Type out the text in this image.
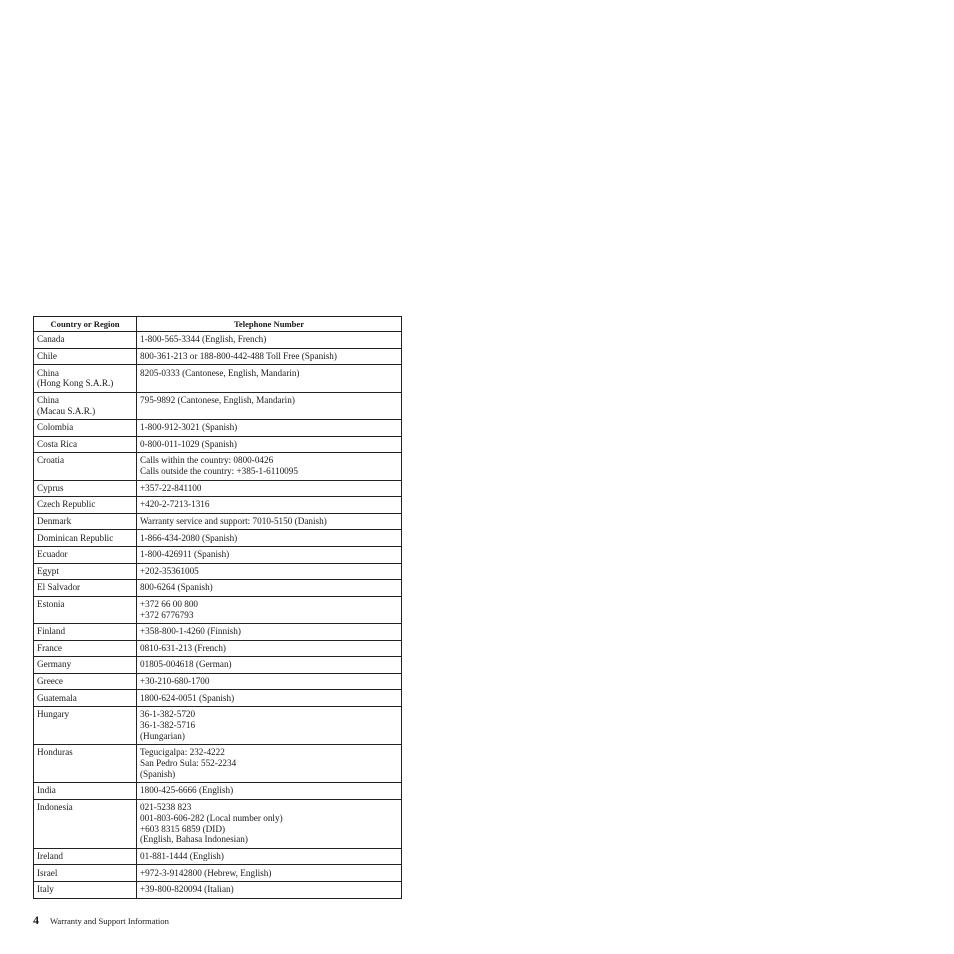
Country or Region	Telephone Number

Canada	1-800-565-3344 (English, French)

Chile	800-361-213 or 188-800-442-488 Toll Free (Spanish)

China
(Hong Kong S.A.R.)	8205-0333 (Cantonese, English, Mandarin)

China
(Macau S.A.R.)	795-9892 (Cantonese, English, Mandarin)

Colombia	1-800-912-3021 (Spanish)

Costa Rica	0-800-011-1029 (Spanish)

Croatia	Calls within the country: 0800-0426
Calls outside the country: +385-1-6110095

Cyprus	+357-22-841100

Czech Republic	+420-2-7213-1316

Denmark	Warranty service and support: 7010-5150 (Danish)

Dominican Republic	1-866-434-2080 (Spanish)

Ecuador	1-800-426911 (Spanish)

Egypt	+202-35361005

El Salvador	800-6264 (Spanish)

Estonia	+372 66 00 800
+372 6776793

Finland	+358-800-1-4260 (Finnish)

France	0810-631-213 (French)

Germany	01805-004618 (German)

Greece	+30-210-680-1700

Guatemala	1800-624-0051 (Spanish)

Hungary	36-1-382-5720
36-1-382-5716
(Hungarian)

Honduras	Tegucigalpa: 232-4222
San Pedro Sula: 552-2234
(Spanish)

India	1800-425-6666 (English)

Indonesia	021-5238 823
001-803-606-282 (Local number only)
+603 8315 6859 (DID)
(English, Bahasa Indonesian)

Ireland	01-881-1444 (English)

Israel	+972-3-9142800 (Hebrew, English)

Italy	+39-800-820094 (Italian)
4 Warranty and Support Information
